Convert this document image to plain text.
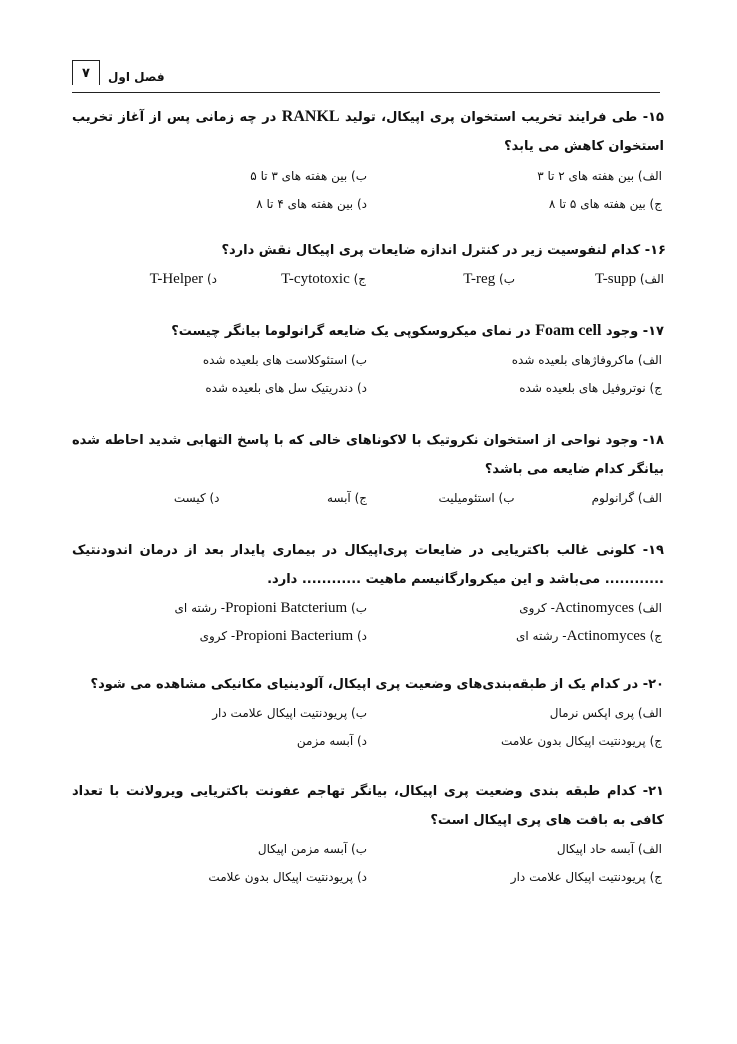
۷	فصل اول

۱۵- طی فرایند تخریب استخوان پری اپیکال، تولید RANKL در چه زمانی پس از آغاز تخریب استخوان کاهش می یابد؟

الف) بین هفته های ۲ تا ۳
ب) بین هفته های ۳ تا ۵
ج) بین هفته های ۵ تا ۸
د) بین هفته های ۴ تا ۸

۱۶- کدام لنفوسیت زیر در کنترل اندازه ضایعات پری اپیکال نقش دارد؟

الف) T-supp
ب) T-reg
ج) T-cytotoxic
د) T-Helper

۱۷- وجود Foam cell در نمای میکروسکوپی یک ضایعه گرانولوما بیانگر چیست؟

الف) ماکروفاژهای بلعیده شده
ب) استئوکلاست های بلعیده شده
ج) نوتروفیل های بلعیده شده
د) دندریتیک سل های بلعیده شده

۱۸- وجود نواحی از استخوان نکروتیک با لاکوناهای خالی که با پاسخ التهابی شدید احاطه شده بیانگر کدام ضایعه می باشد؟

الف) گرانولوم
ب) استئومیلیت
ج) آبسه
د) کیست

۱۹- کلونی غالب باکتریایی در ضایعات پری‌اپیکال در بیماری پایدار بعد از درمان اندودنتیک ............ می‌باشد و این میکروارگانیسم ماهیت ............ دارد.

الف) Actinomyces- کروی
ب) Propioni Batcterium- رشته ای
ج) Actinomyces- رشته ای
د) Propioni Bacterium- کروی

۲۰- در کدام یک از طبقه‌بندی‌های وضعیت پری اپیکال، آلودینیای مکانیکی مشاهده می شود؟

الف) پری اپکس نرمال
ب) پریودنتیت اپیکال علامت دار
ج) پریودنتیت اپیکال بدون علامت
د) آبسه مزمن

۲۱- کدام طبقه بندی وضعیت پری اپیکال، بیانگر تهاجم عفونت باکتریایی ویرولانت با تعداد کافی به بافت های پری اپیکال است؟

الف) آبسه حاد اپیکال
ب) آبسه مزمن اپیکال
ج) پریودنتیت اپیکال علامت دار
د) پریودنتیت اپیکال بدون علامت
